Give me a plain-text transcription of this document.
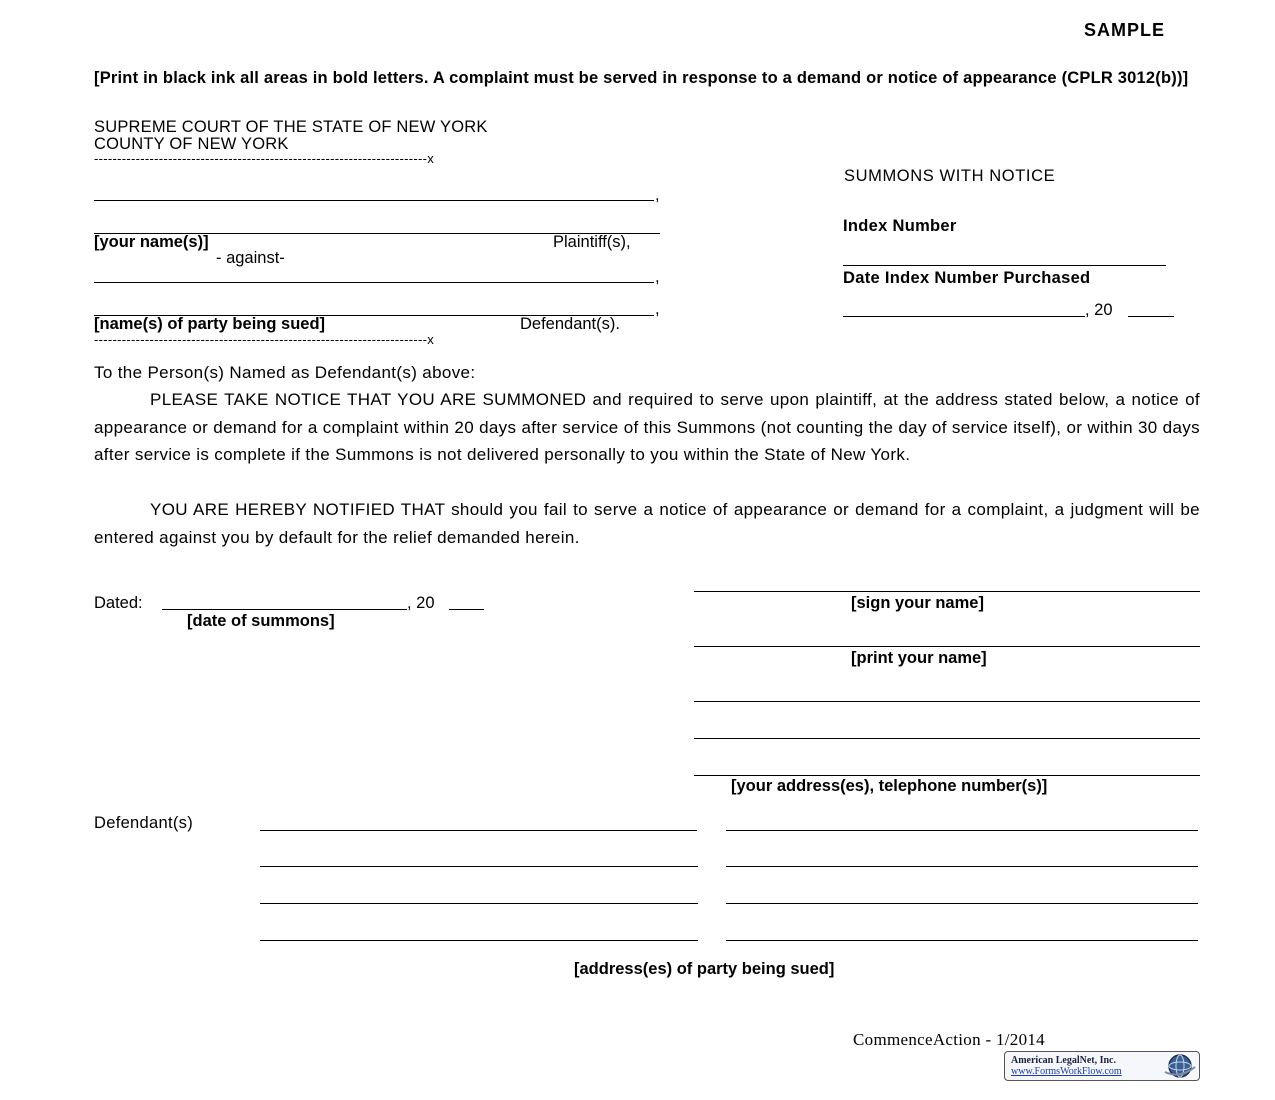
SAMPLE
[Print in black ink all areas in bold letters. A complaint must be served in response to a demand or notice of appearance (CPLR 3012(b))]
SUPREME COURT OF THE STATE OF NEW YORK
COUNTY OF NEW YORK
------------------------------------------------------------------------x
,
[your name(s)]	Plaintiff(s),
- against-
,
,
[name(s) of party being sued]	Defendant(s).
------------------------------------------------------------------------x
SUMMONS WITH NOTICE
Index Number
Date Index Number Purchased
, 20
To the Person(s) Named as Defendant(s) above:
PLEASE TAKE NOTICE THAT YOU ARE SUMMONED and required to serve upon plaintiff, at the address stated below, a notice of appearance or demand for a complaint within 20 days after service of this Summons (not counting the day of service itself), or within 30 days after service is complete if the Summons is not delivered personally to you within the State of New York.
YOU ARE HEREBY NOTIFIED THAT should you fail to serve a notice of appearance or demand for a complaint, a judgment will be entered against you by default for the relief demanded herein.
Dated:	, 20
[date of summons]
[sign your name]
[print your name]
[your address(es), telephone number(s)]
Defendant(s)
[address(es) of party being sued]
CommenceAction - 1/2014
American LegalNet, Inc.
www.FormsWorkFlow.com
